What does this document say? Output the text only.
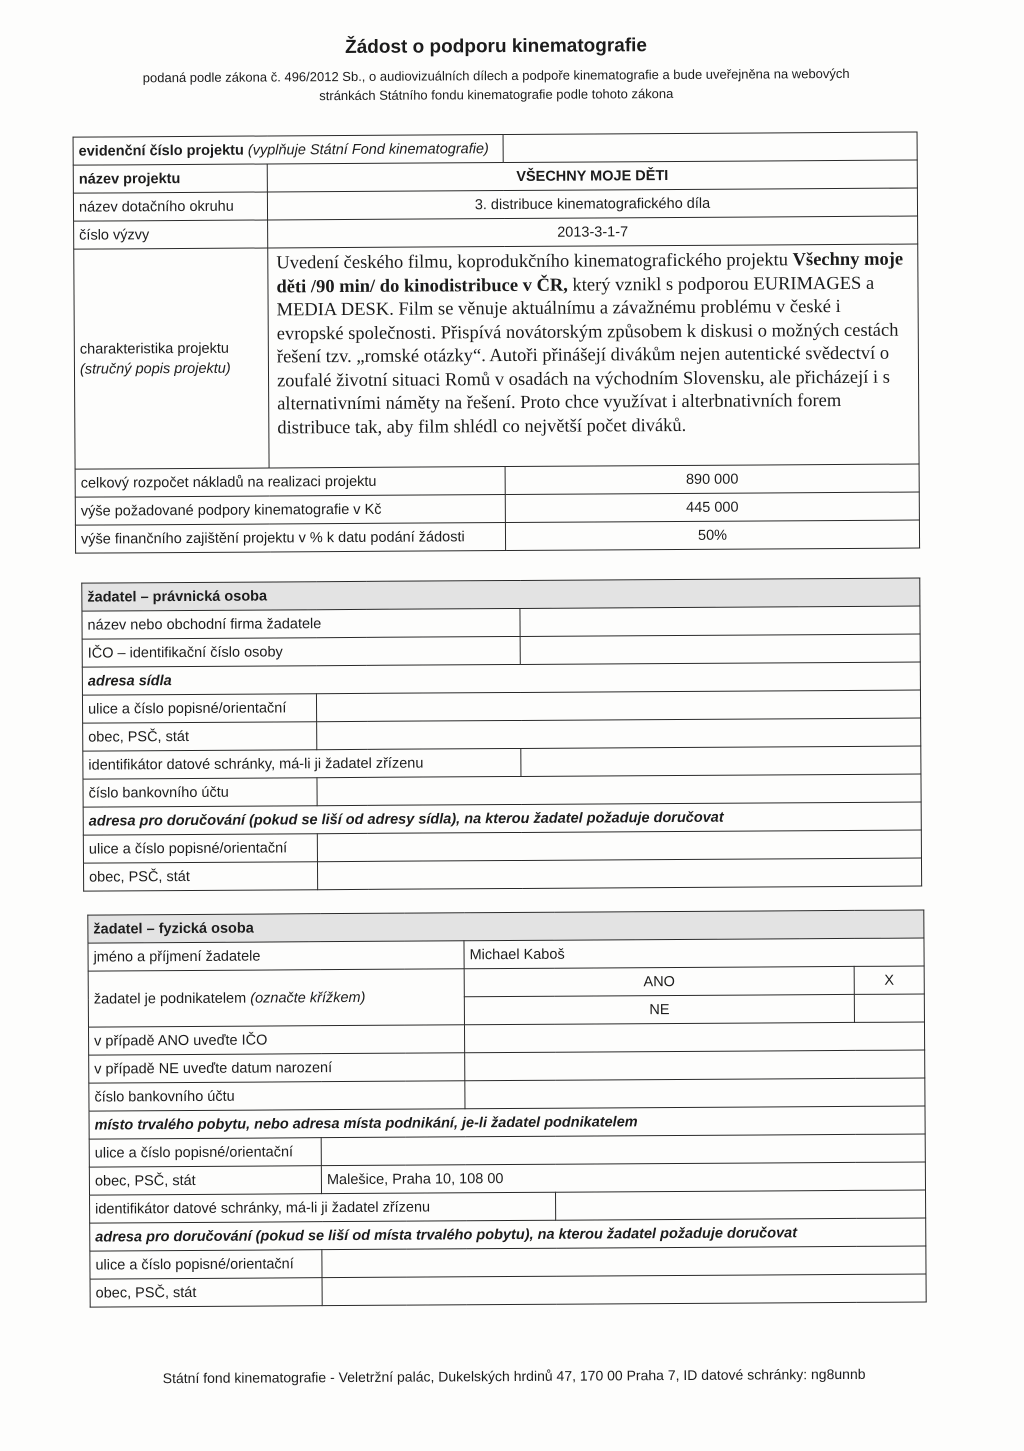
Žádost o podporu kinematografie
podaná podle zákona č. 496/2012 Sb., o audiovizuálních dílech a podpoře kinematografie a bude uveřejněna na webových
stránkách Státního fondu kinematografie podle tohoto zákona
evidenční číslo projektu (vyplňuje Státní Fond kinematografie)		
název projektu	VŠECHNY MOJE DĚTI	
název dotačního okruhu	3. distribuce kinematografického díla	
číslo výzvy	2013-3-1-7	

charakteristika projektu
(stručný popis projektu)	Uvedení českého filmu, koprodukčního kinematografického projektu Všechny moje děti /90 min/ do kinodistribuce v ČR, který vznikl s podporou EURIMAGES a MEDIA DESK. Film se věnuje aktuálnímu a závažnému problému v české i evropské společnosti. Přispívá novátorským způsobem k diskusi o možných cestách řešení tzv. „romské otázky“. Autoři přinášejí divákům nejen autentické svědectví o zoufalé životní situaci Romů v osadách na východním Slovensku, ale přicházejí i s alternativními náměty na řešení. Proto chce využívat i alterbnativních forem distribuce tak, aby film shlédl co největší počet diváků.	
celkový rozpočet nákladů na realizaci projektu		890 000
výše požadované podpory kinematografie v Kč		445 000
výše finančního zajištění projektu v % k datu podání žádosti		50%
žadatel – právnická osoba		
název nebo obchodní firma žadatele		
IČO – identifikační číslo osoby		
adresa sídla		
ulice a číslo popisné/orientační		
obec, PSČ, stát		
identifikátor datové schránky, má-li ji žadatel zřízenu		
číslo bankovního účtu		
adresa pro doručování (pokud se liší od adresy sídla), na kterou žadatel požaduje doručovat		
ulice a číslo popisné/orientační		
obec, PSČ, stát		
žadatel – fyzická osoba				
jméno a příjmení žadatele		Michael Kaboš		
žadatel je podnikatelem (označte křížkem)		ANO		X
		NE		
v případě ANO uveďte IČO				
v případě NE uveďte datum narození				
číslo bankovního účtu				
místo trvalého pobytu, nebo adresa místa podnikání, je-li žadatel podnikatelem				
ulice a číslo popisné/orientační				
obec, PSČ, stát	Malešice, Praha 10, 108 00			
identifikátor datové schránky, má-li ji žadatel zřízenu				
adresa pro doručování (pokud se liší od místa trvalého pobytu), na kterou žadatel požaduje doručovat				
ulice a číslo popisné/orientační				
obec, PSČ, stát				
Státní fond kinematografie - Veletržní palác, Dukelských hrdinů 47, 170 00 Praha 7, ID datové schránky: ng8unnb
